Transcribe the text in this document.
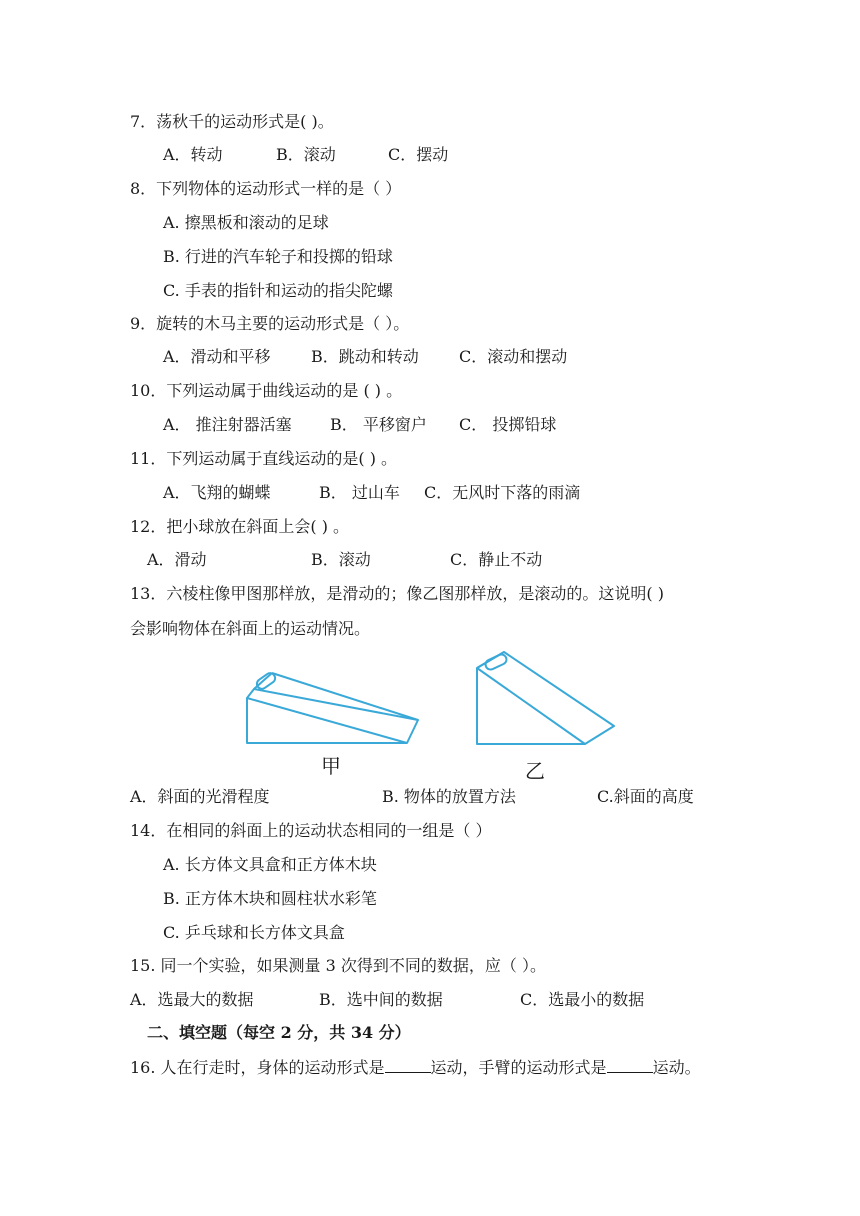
7．荡秋千的运动形式是( )。
A．转动	B．滚动	C．摆动
8．下列物体的运动形式一样的是（ ）
A. 擦黑板和滚动的足球
B. 行进的汽车轮子和投掷的铅球
C. 手表的指针和运动的指尖陀螺
9．旋转的木马主要的运动形式是（ ）。
A．滑动和平移	B．跳动和转动	C．滚动和摆动
10．下列运动属于曲线运动的是 ( ) 。
A． 推注射器活塞 B． 平移窗户 C． 投掷铅球
11．下列运动属于直线运动的是( ) 。
A．飞翔的蝴蝶	B． 过山车 C．无风时下落的雨滴
12．把小球放在斜面上会( ) 。
A．滑动	B．滚动	C．静止不动
13．六棱柱像甲图那样放，是滑动的；像乙图那样放，是滚动的。这说明( )
会影响物体在斜面上的运动情况。
甲	乙
A．斜面的光滑程度	B. 物体的放置方法	C.斜面的高度
14．在相同的斜面上的运动状态相同的一组是（ ）
A. 长方体文具盒和正方体木块
B. 正方体木块和圆柱状水彩笔
C. 乒乓球和长方体文具盒
15. 同一个实验，如果测量 3 次得到不同的数据，应（ ）。
A．选最大的数据	B．选中间的数据	C．选最小的数据
二、填空题（每空 2 分，共 34 分）
16. 人在行走时，身体的运动形式是	运动，手臂的运动形式是	运动。
